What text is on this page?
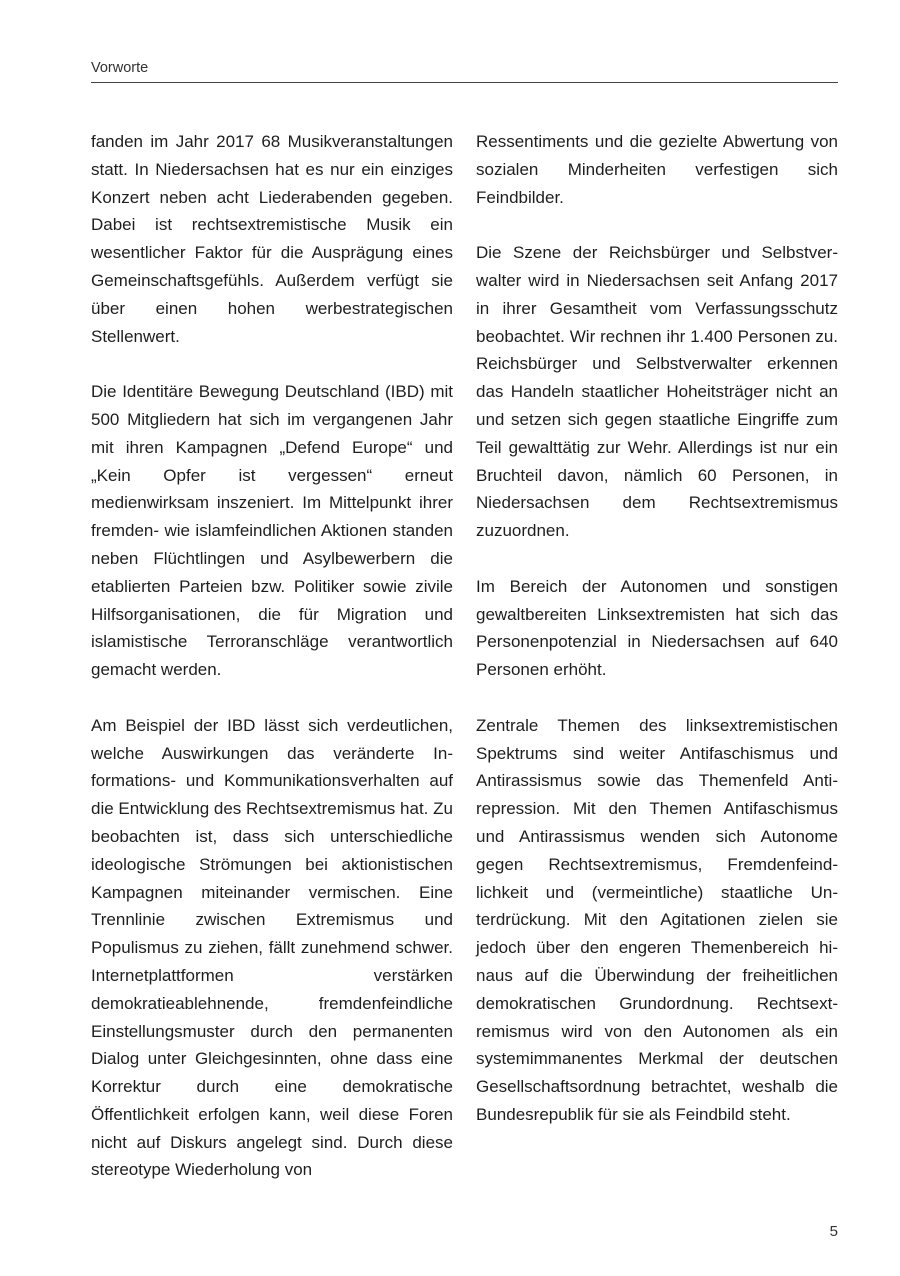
Vorworte

fanden im Jahr 2017 68 Musikveranstaltungen statt. In Niedersachsen hat es nur ein einziges Konzert neben acht Liederabenden gegeben. Dabei ist rechtsextremistische Musik ein wesentlicher Faktor für die Ausprägung eines Gemeinschaftsgefühls. Außerdem verfügt sie über einen hohen werbestrategischen Stellenwert.

Die Identitäre Bewegung Deutschland (IBD) mit 500 Mitgliedern hat sich im vergangenen Jahr mit ihren Kampagnen „Defend Europe“ und „Kein Opfer ist vergessen“ erneut medienwirksam inszeniert. Im Mittelpunkt ihrer fremden- wie islamfeindlichen Aktionen standen neben Flüchtlingen und Asylbewerbern die etablierten Parteien bzw. Politiker sowie zivile Hilfsorganisationen, die für Migration und islamistische Terroranschläge verantwortlich gemacht werden.

Am Beispiel der IBD lässt sich verdeutlichen, welche Auswirkungen das veränderte Informations- und Kommunikationsverhalten auf die Entwicklung des Rechtsextremismus hat. Zu beobachten ist, dass sich unterschiedliche ideologische Strömungen bei aktionistischen Kampagnen miteinander vermischen. Eine Trennlinie zwischen Extremismus und Populismus zu ziehen, fällt zunehmend schwer. Internetplattformen verstärken demokratieablehnende, fremdenfeindliche Einstellungsmuster durch den permanenten Dialog unter Gleichgesinnten, ohne dass eine Korrektur durch eine demokratische Öffentlichkeit erfolgen kann, weil diese Foren nicht auf Diskurs angelegt sind. Durch diese stereotype Wiederholung von

Ressentiments und die gezielte Abwertung von sozialen Minderheiten verfestigen sich Feindbilder.

Die Szene der Reichsbürger und Selbstverwalter wird in Niedersachsen seit Anfang 2017 in ihrer Gesamtheit vom Verfassungsschutz beobachtet. Wir rechnen ihr 1.400 Personen zu. Reichsbürger und Selbstverwalter erkennen das Handeln staatlicher Hoheitsträger nicht an und setzen sich gegen staatliche Eingriffe zum Teil gewalttätig zur Wehr. Allerdings ist nur ein Bruchteil davon, nämlich 60 Personen, in Niedersachsen dem Rechtsextremismus zuzuordnen.

Im Bereich der Autonomen und sonstigen gewaltbereiten Linksextremisten hat sich das Personenpotenzial in Niedersachsen auf 640 Personen erhöht.

Zentrale Themen des linksextremistischen Spektrums sind weiter Antifaschismus und Antirassismus sowie das Themenfeld Antirepression. Mit den Themen Antifaschismus und Antirassismus wenden sich Autonome gegen Rechtsextremismus, Fremdenfeindlichkeit und (vermeintliche) staatliche Unterdrückung. Mit den Agitationen zielen sie jedoch über den engeren Themenbereich hinaus auf die Überwindung der freiheitlichen demokratischen Grundordnung. Rechtsextremismus wird von den Autonomen als ein systemimmanentes Merkmal der deutschen Gesellschaftsordnung betrachtet, weshalb die Bundesrepublik für sie als Feindbild steht.

5
